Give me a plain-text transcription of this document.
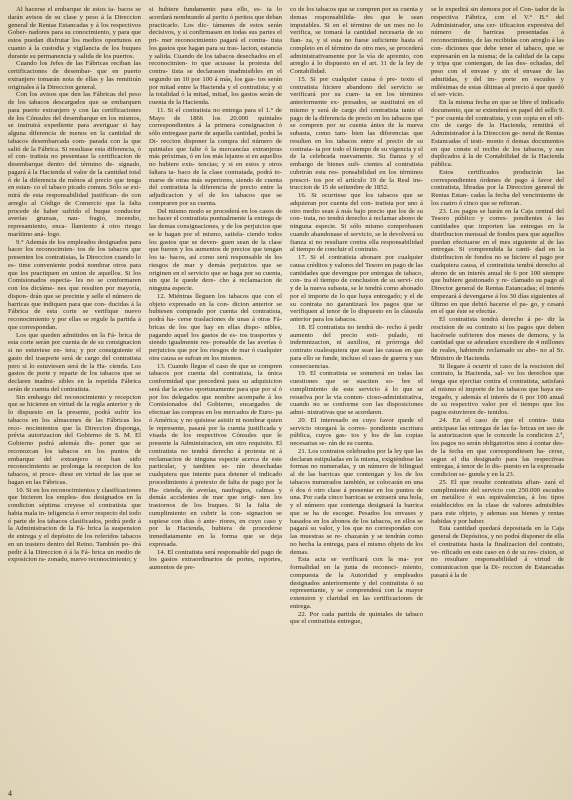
Al hacerse el embarque de estos ta- bacos se darán avisos de su clase y peso á la Direccion general de Rentas Estancadas y á los respectivos Gober- nadores para su conocimiento, y para que estos puedan disfrutar los medios oportunos en cuanto á la custodia y vigilancia de los buques durante su permanencia y salida de los puertos.

Cuando los Jefes de las Fábricas reciban las certificaciones de desembar- que en puerto extranjero tomarán nota de ellas y las remitirán originales á la Direccion general.

Con los avisos que den las Fábricas del peso de los tabacos descargados que se embarquen para puerto extranjero y con las certificaciones de los Cónsules del desembarque en los mismos, se instruirá expediente para averiguar si hay alguna diferencia de menos en la cantidad de tabacos desembarcada com- parada con la que salió de la Fábrica. Si resultase esta diferencia, ó el con- tratista no presentase la certificacion de desembarque dentro del término de- signado, pagará á la Hacienda el valor de la cantidad total ó de la diferencia de ménos al precio que tenga en estan- co el tabaco picado comun. Sólo se exi- mirá de esta responsabilidad justifican- do con arreglo al Código de Comercio que la falta procede de haber sufrido el buque conductor averías gruesas, nau- fragio, incendio, represamiento, enca- llamiento á otro riesgo marítimo aná- logo.

9.° Además de los empleados designados para hacer los reconocimien- tos de los tabacos que presenten los contratistas, la Direccion cuando lo es- time conveniente podrá nombrar otros para que los practiquen en union de aquellos. Si los Comisionados especia- les no se conformaren con los dictáme- nes que resulten por mayoría, dispon- drán que se precinte y selle el número de barricas que indiquen para que con- ducidas á la Fábrica de esta corte se verifique nuevo reconocimiento y por ellas se regule la partida á que correspondan.

Los que queden admitidos en la Fá- brica de esta corte serán por cuenta de de su consignacion si no estuviese en- tera; y por consiguiente el gasto del trasporte será de cargo del contratista pero si lo estuviesen será de la Ha- cienda. Los gastos de porte y reparte de los tabacos que se declaren inadmi- sibles en la repetida Fábrica serán de cuenta del contratista.

Sin embargo del reconocimiento y recepcion que se hicieren en virtud de la regla anterior y de lo dispuesto en la presente, podrá sufrir los tabacos en los almacenes de las Fábricas los reco- nocimientos que la Direccion disponga, prévia autorizacion del Gobierno de S. M. El Gobierno podrá además dis- poner que se reconozcan los tabacos en los puntos de embarque del extranjero si han sido reconocimiento se prolonga la recepcion de los tabacos, si proce- diese en virtud de las que se hagan en las Fábricas.

10. Si en los reconocimientos y clasificaciones que hicieren los emplea- dos designados en la condicion séptima creyese el contratista que habia mala in- teligencia ó error respecto del todo ó parte de los tabacos clasificados, podrá pedir á la Administracion de la Fá- brica la suspension de entrega y el depósito de los referidos tabacos en un trastero dentro del Reino. También po- drá pedir á la Direccion ó á la Fá- brica un medio de exposicion ra- zonado, nuevo reconocimiento; y

si hubiere fundamento para ello, es- ta lo acordará nombrando al perito ó peritos que deban practicarlo. Los dic- támenes de estos serán decisivos, y si confirmasen en todas sus partes el pri- mer reconocimiento pagará el contra- tista los gastos que hagan para su tras- lacion, estancia y salida. Cuando de los tabacos desechados en el reconocimien- to que acusase la protesta del contra- tista se declarasen inadmisibles en el segundo un 10 por 100 á más, los gas- tos serán por mitad entre la Hacienda y el contratista; y si la totalidad ó la mitad, mitad, los gastos serán de cuenta de la Hacienda.

11. Si el contratista no entrega para el 1.° de Mayo de 1866 los 20.000 quintales correspondientes á la primera consignacion ó sólo entregase parte de aquella cantidad, podrá la Di- reccion disponer la compra del número de quintales que falte ó la mercancías extranjeras más próximas, ó en los más lejanos si en aquellos no hubiere exis- tencias; y si en estos y otros faltara ta- baco de la clase contratada, podrá to- marse de otras más superiores, siendo de cuenta del contratista la diferencia de precio entre la adjudicacion y el de los tabacos que se compraren por su cuenta.

Del mismo modo se procederá en los casos de no hacer el contratista puntualmente la entrega de las demas consignaciones, y de los perjuicios que se le hagan por el mismo, satisfa- ciendo todos los gastos que se deven- guen sean de la clase que fueren y los aumentos de precios que tengan los ta- bacos, así como será responsable de los riesgos de mar y demás perjuicios que se originen en el servicio que se haga por su cuenta, sin que le quede dere- cho á reclamacion de ninguna especie.

12. Miéntras lleguen los tabacos que con el objeto expresado en la con- dicion anterior se hubiesen comprado por cuenta del contratista, podrá ha- cerse traslaciones de unas á otras Fá- bricas de los que hay en ellas dispo- nibles, pagando aquel los gastos de es- tos trasportes y siendo igualmente res- ponsable de las averías ó perjuicios que por los riesgos de mar ó cualquier otra causa se sufran en los mismos.

13. Cuando llegue el caso de que se compren tabacos por cuenta del contratista, la única conformidad que precederá para su adquisicion será dar la aviso oportunamente para que por sí ó por los delegados que nombre acompañe á los Comisionados del Gobierno, encargados de efectuar las compras en los mercados de Euro- pa ó América; y no quisiese asistir ni nombrar quien le represente, pasará por la cuenta justificada y visada de los respectivos Cónsules que le presente la Administracion, sin otro requisito. El contratista no tendrá derecho á protesta ni á reclamacion de ninguna especie acerca de este particular, y tambien se- rán desechadas cualquiera que intente para detener el indicado procedimiento á pretexto de falta de pago por la Ha- cienda, de averías, naufragios, calmas y demás accidentes de mar que origi- nen los trastornos de los buques. Si la falta de cumplimiento en cubrir la con- signacion se supiese con dias ó ante- riores, en cuyo caso y por la Hacienda, hubiera de procederse inmediatamente en la forma que se deja expresada.

14. El contratista será responsable del pago de los gastos extraordinarios de portes, reportes, aumentos de pre-

co de los tabacos que se compren por su cuenta y demas responsabilida- des que le sean imputables. Si en el término de un mes no lo verifica, se tomará la cantidad necesaria de su fian- za, y si esta no fuese suficiente hasta el completo en el término de otro mes, se procederá administrativamente por la vía de apremio, con arreglo á lo dispuesto en el art. 11 de la ley de Contabilidad.

15. Si por cualquier causa ó pre- texto el contratista hiciere abandono del servicio se verificará por su cuen- ta en los términos anteriormente ex- presados, se sustituirá en el mismo y será de cargo del contratista tanto el pago de la diferencia de precio en los tabacos que se compren por su cuenta ántes de la nueva subasta, como tam- bien las diferencias que resulten en los tabacos entre el precio de su contrata- ta por todo el tiempo de su vigencia y el de la celebrada nuevamente. Su fianza y el embargo de bienes sufi- cientes al contratista cubrirán esta res- ponsabilidad en los términos prescri- tos por el artículo 19 de la Real ins- truccion de 15 de setiembre de 1852.

16. Si ocurriese que los tabacos que se adquieran por cuenta del con- tratista por uno á otro medio sean á más bajo precio que los de su con- trata, no tendrá derecho á reclamar abono de ninguna especie. Si sólo mismo comprobasen cuando abandonase el servicio, se le devolverá su fianza si no resultare contra ella responsabilidad al tiempo de concluir el contrato.

17. Si el contratista abonare por cualquier causa créditos y valores del Tesoro en pago de las cantidades que devengue por entregas de tabaco, con- tra el tiempo de conclusion de su servi- cio y de la nueva subasta, se le tendrá como abonado por el importe de lo que haya entregado; y el de su contrata no garantizará los pagos que se verifiquen al tenor de lo dispuesto en la cláusula anterior para los tabacos.

18. El contratista no tendrá de- recho á pedir aumento del precio esti- pulado, ni indemnizacion, ni auxilios, ni prórroga del contrato cualesquiera que sean las causas en que para ello se funde, incluso el caso de guerra y sus consecuencias.

19. El contratista se someterá en todas las cuestiones que se susciten so- bre el cumplimiento de este servicio á lo que se resuelva por la via conten- cioso-administrativa, cuando no se conforme con las disposiciones admi- nistrativas que se acordaren.

20. El interesado en cuyo favor quede el servicio otorgará la corres- pondiente escritura pública, cuyos gas- tos y los de las copias necesarias se- rán de su cuenta.

21. Los contratos celebrados por la ley que las declaran estipuladas en la misma, exigiéndose las formas no numeradas, y un número de bilingual al de las barricas que contengan y los de los tabacos numerados también, se colocarán en una ó dos ó otro clase á presentar en los puntos de una. Por cada cinco barricas se extraerá una bola, y el número que contenga designará la barrica que se ha de escoger. Pesados los envases y basados en los abonos de los tabacos, en ellos se pagará su valor, y los que no correspondan con las muestras se re- chazarán y se tendrán como no hecha la entrega, para el mismo objeto de los demas.

Esta acta se verificará con la ma- yor formalidad en la junta de reconoci- miento, compuesta de la Autoridad y empleados designados anteriormente y del contratista ó su representante, y se comprenderá con la mayor extension y claridad en las certificaciones de entrega.

22. Por cada partida de quintales de tabaco que el contratista entregue,

se le expedirá sin demora por el Con- tador de la respectiva Fábrica, con el V.° B.° del Administrador, una cer- tificacion expresiva del número de barricas presentadas á reconocimiento, de las recibidas con arreglo á las con- diciones que debe tener el tabaco, que se expresarán en la misma; de la calidad de la capa y tripa que contengan, de las des- echadas, del peso con el envase y sin el envase de las admitidas, y del im- porte en escudos y milésimas de estas últimas al precio á que quedó el ser- vicio.

En la misma fecha en que se libre el indicado documento, que se extenderá en papel del sello 9.° por cuenta del contratista, y con copia en el ofi- cio de cargo de la Hacienda, remitirá el Administrador á la Direccion ge- neral de Rentas Estancadas el testi- monio ó demas documentos en que conste el recibo de los tabacos, y sus duplicados á la de Contabilidad de la Hacienda pública.

Estos certificados producirán las correspondientes órdenes de pago á favor del contratista, libradas por la Direccion general de Rentas Estan- cadas la fecha del vencimiento de los cuatro ó cinco que se refieran.

23. Los pagos se harán en la Caja central del Tesoro público y corres- pondientes á las cantidades que importen las entregas en la distribucion mensual de fondos para que aquellos puedan efectuarse en el mes siguiente al de las entregas. Si comprendida la canti- dad en la distribucion de fondos no se hiciere el pago por cualquiera causa, el contratista tendrá derecho al abono de un interés anual de 6 por 100 siempre que hubiere gestionado y re- clamado su pago al Director general de Rentas Estancadas; el interés empezará á devengarse á los 30 días siguientes al último en que debió hacerse el pa- go, y cesará en el que éste se efectúe.

El contratista tendrá derecho á pe- dir la rescision de su contrato si los pagos que deben hacérsele sufrieren dos meses de demora, y la cantidad que se adeudare excediere de 4 millones de reales, habiendo reclamado su abo- no al Sr. Ministro de Hacienda.

Si llegare á ocurrir el caso de la rescision del contrato, la Hacienda, sal- vo los derechos que tenga que ejercitar contra el contratista, satisfará al mismo el importe de los tabacos que haya en- tregado, y además el interés de 6 por 100 anual de su respectivo valor por el tiempo que los pagos estuvieren de- tenidos.

24. En el caso de que el contra- tista anticipase las entregas de las fa- bricas en uso de la autorizacion que le concede la condicion 2.ª, los pagos no serán obligatorios sino á contar des- de la fecha en que correspondiesen ha- cerse, segun el dia designado para las respectivas entregas, á tenor de lo dis- puesto en la expresada condicion se- gunda y en la 23.

25. El que resulte contratista afian- zará el cumplimiento del servicio con 250.000 escudos en metálico ó sus equivalencias, á los tipos establecidos en la clase de valores admisibles para este objeto, y ademas sus bienes y rentas habidas y por haber.

Esta cantidad quedará depositada en la Caja general de Depósitos, y no podrá disponer de ella el contratista hasta la finalizacion del contrato, ve- rificado en este caso en ó de su res- cision, si no resultare responsabilidad á virtud de comunicacion que la Di- reccion de Estancadas pasará á la de

4
